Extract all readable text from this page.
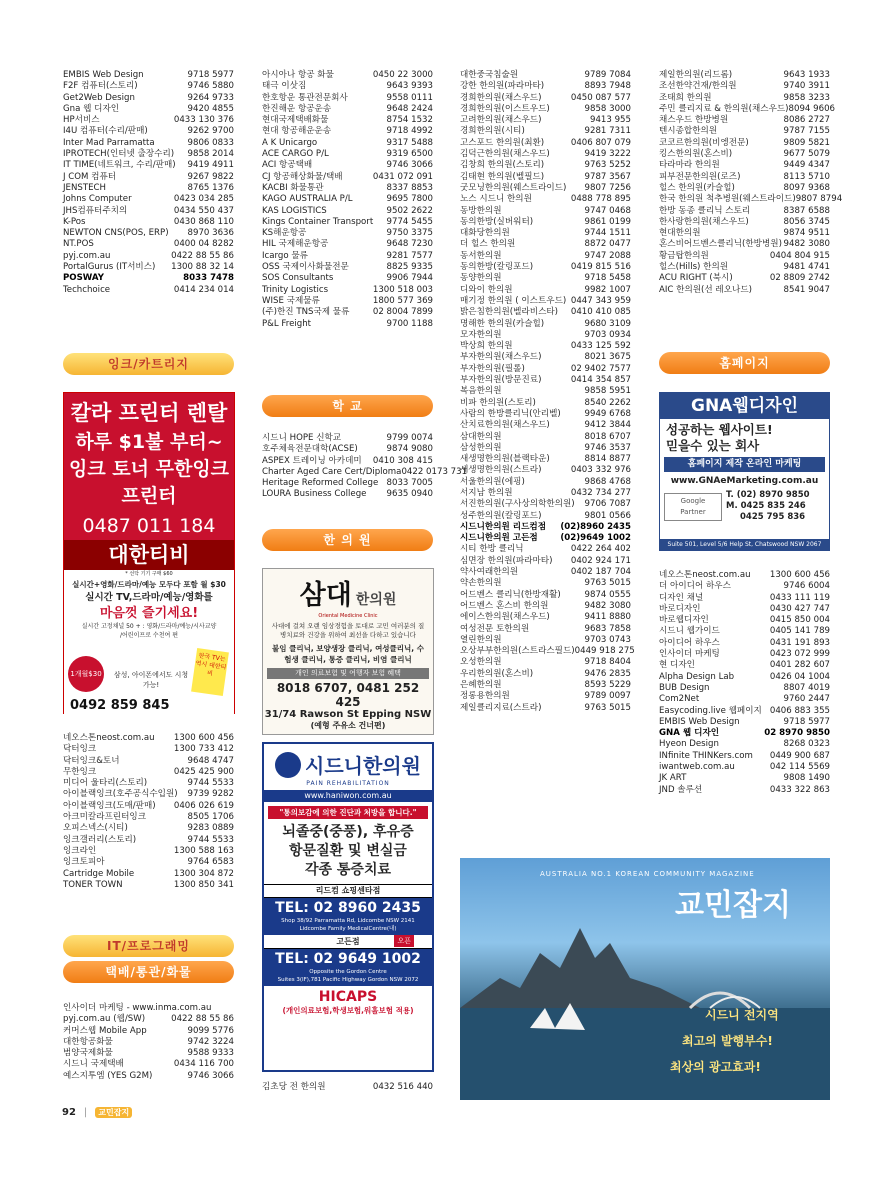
EMBIS Web Design	9718 5977
F2F 컴퓨터(스토리)	9746 5880
Get2Web Design	9264 9733
Gna 웹 디자인	9420 4855
HP서비스	0433 130 376
I4U 컴퓨터(수리/판매)	9262 9700
Inter Mad Parramatta	9806 0833
IPROTECH(인터넷 출장수리) 9858 2014
IT TIME(네트워크, 수리/판매) 9419 4911
J COM 컴퓨터	9267 9822
JENSTECH	8765 1376
Johns Computer	0423 034 285
JHS컴퓨터주치의	0434 550 437
K-Pos	0430 868 110
NEWTON CNS(POS, ERP) 8970 3636
NT.POS	0400 04 8282
pyj.com.au	0422 88 55 86
PortalGurus (IT서비스) 1300 88 32 14
POSWAY	8033 7478
Techchoice	0414 234 014
잉크/카트리지
칼라 프린터 렌탈
하루 $1불 부터~
잉크 토너 무한잉크
프린터
0487 011 184
대한티비
* 선닥 기기 구매 $60
실시간+영화/드라마/예능 모두다 포함 월 $30
실시간 TV,드라마/예능/영화를
마음껏 즐기세요!
실시간 고정채널 50 + : 영화/드라마/예능/시사교양
/어린이프로 수천여 편
1개월$30
한국 TV는 역시 대한티비
삼성, 아이폰에서도 시청 가능!
0492 859 845
네오스톤neost.com.au 1300 600 456
닥터잉크	1300 733 412
닥터잉크&토너	9648 4747
무한잉크	0425 425 900
미디어 울타리(스토리)	9744 5533
아이블랙잉크(호주공식수입원) 9739 9282
아이블랙잉크(도매/판매) 0406 026 619
아크미칼라프린터잉크	8505 1706
오피스넥스(시티)	9283 0889
잉크갤러리(스토리)	9744 5533
잉크라인	1300 588 163
잉크토피아	9764 6583
Cartridge Mobile	1300 304 872
TONER TOWN	1300 850 341
IT/프로그래밍
택배/통관/화물
인사이더 마케팅 - www.inma.com.au
pyj.com.au (웹/SW)	0422 88 55 86
커머스웹 Mobile App	9099 5776
대한항공화물	9742 3224
범양국제화물	9588 9333
시드니 국제택배	0434 116 700
예스지투엠 (YES G2M)	9746 3066
아시아나 항공 화물	0450 22 3000
태극 이삿짐	9643 9393
한호항운 통관전문회사	9558 0111
한진해운 항공운송	9648 2424
현대국제택배화물	8754 1532
현대 항공해운운송	9718 4992
A K Unicargo	9317 5488
ACE CARGO P/L	9319 6500
ACI 항공택배	9746 3066
CJ 항공해상화물/택배	0431 072 091
KACBI 화물통관	8337 8853
KAGO AUSTRALIA P/L	9695 7800
KAS LOGISTICS	9502 2622
Kings Container Transport 9774 5455
KS해운항공	9750 3375
HIL 국제해운항공	9648 7230
Icargo 물류	9281 7577
OSS 국제이사화물전문	8825 9335
SOS Consultants	9906 7944
Trinity Logistics	1300 518 003
WISE 국제물류	1800 577 369
(주)한진 TNS국제 물류	02 8004 7899
P&L Freight	9700 1188
학 교
시드니 HOPE 신학교	9799 0074
호주체육전문대학(ACSE)	9874 9080
ASPEX 트레이닝 아카데미 0410 308 415
Charter Aged Care Cert/Diploma 0422 0173 731
Heritage Reformed College 8033 7005
LOURA Business College 9635 0940
한 의 원
삼대 한의원
Oriental Medicine Clinic
사대에 걸쳐 오랜 임상경험을 토대로 고민 여러분의 질병치료와 건강을 위하여 최선을 다하고 있습니다
불임 클리닉, 보양생장 클리닉, 여성클리닉, 수험생 클리닉, 통증 클리닉, 비염 클리닉
개인 의료보험 및 여행자 보험 혜택
8018 6707, 0481 252 425
31/74 Rawson St Epping NSW
(예형 주유소 건너편)
시드니한의원
PAIN REHABILITATION
www.haniwon.com.au
"통의보감에 의한 진단과 처방을 합니다."
뇌졸중(중풍), 후유증
항문질환 및 변실금
각종 통증치료
리드컴 쇼핑센타점
TEL: 02 8960 2435
Shop 38/92 Parramatta Rd, Lidcombe NSW 2141
Lidcombe Family MedicalCentre(내)
고든점	오픈
TEL: 02 9649 1002
Opposite the Gordon Centre
Suites 3(IF),781 Pacific Highway Gordon NSW 2072
HICAPS
(개인의료보험,학생보험,워홀보험 적용)
김초당 전 한의원	0432 516 440
대한중국침술원	9789 7084
강한 한의원(파라마타)	8893 7948
경희한의원(채스우드)	0450 087 577
경희한의원(이스트우드)	9858 3000
고려한의원(채스우드)	9413 955
경희한의원(시티)	9281 7311
고스포드 한의원(최환)	0406 807 079
김덕근한의원(채스우드)	9419 3222
김창희 한의원(스토리)	9763 5252
김태현 한의원(벨필드)	9787 3567
굿모닝한의원(웨스트라이드) 9807 7256
노스 시드니 한의원	0488 778 895
동방한의원	9747 0468
동의한방(실버워터)	9861 0199
대화당한의원	9744 1511
더 힐스 한의원	8872 0477
동서한의원	9747 2088
동의한방(칼링포드)	0419 815 516
동양한의원	9718 5458
디와이 한의원	9982 1007
매기정 한의원 ( 이스트우드) 0447 343 959
밝은침한의원(벨라비스타) 0410 410 085
명해한 한의원(카슬힐)	9680 3109
모자한의원	9703 0934
박상희 한의원	0433 125 592
부자한의원(채스우드)	8021 3675
부자한의원(필롤)	02 9402 7577
부자한의원(방문진료)	0414 354 857
복음한의원	9858 5951
비파 한의원(스토리)	8540 2262
사람의 한방클리닉(안리벨)	9949 6768
산치료한의원(채스우드)	9412 3844
삼대한의원	8018 6707
삼성한의원	9746 3537
새생명한의원(블랙타운)	8814 8877
새생명한의원(스트라)	0403 332 976
서울한의원(에핑)	9868 4768
서지남 한의원	0432 734 277
서진한의원(구사상의학한의원) 9706 7087
성주한의원(칼링포드)	9801 0566
시드니한의원 리드컴점 (02)8960 2435
시드니한의원 고든점	(02)9649 1002
시티 한방 클리닉	0422 264 402
심면장 한의원(파라마타) 0402 924 171
약사여래한의원	0402 187 704
약손한의원	9763 5015
어드벤스 클리닉(한방재활)	9874 0555
어드벤스 혼스비 한의원	9482 3080
에이스한의원(채스우드)	9411 8880
여성전문 토한의원	9683 7858
열린한의원	9703 0743
오상부부한의원(스트라스필드) 0449 918 275
오성한의원	9718 8404
우리한의원(혼스비)	9476 2835
은혜한의원	8593 5229
정롱용한의원	9789 0097
제일클리지료(스트라)	9763 5015
제일한의원(리드롬)	9643 1933
조선한약건재/한의원	9740 3911
조태희 한의원	9858 3233
주민 클리지료 & 한의원(채스우드) 8094 9606
채스우드 한방병원	8086 2727
텐시종합한의원	9787 7155
코코르한의원(비엥전문)	9809 5821
킹스한의원(혼스비)	9677 5079
타라마라 한의원	9449 4347
피부전문한의원(로즈)	8113 5710
힐스 한의원(카슬힐)	8097 9368
한국 한의원 척추병원(웨스트라이드) 9807 8794
한방 동종 클리닉 스토리	8387 6588
한사랑한의원(채스우드)	8056 3745
현대한의원	9874 9511
혼스비어드벤스클리닉(한방병원) 9482 3080
황금탑한의원	0404 804 915
힐스(Hills) 한의원	9481 4741
ACU RIGHT (북시)	02 8809 2742
AIC 한의원(선 레오나드)	8541 9047
홈페이지
GNA웹디자인
성공하는 웹사이트!
믿을수 있는 회사
홈페이지 제작 온라인 마케팅
www.GNAeMarketing.com.au
Google Partner
T. (02) 8970 9850
M. 0425 835 246
0425 795 836
Suite 501, Level 5/6 Help St, Chatswood NSW 2067
네오스톤neost.com.au 1300 600 456
더 아이디어 하우스	9746 6004
디자인 채널	0433 111 119
바로디자인	0430 427 747
바로웹디자인	0415 850 004
시드니 웹가이드	0405 141 789
아이디어 하우스	0431 191 893
인사이더 마케팅	0423 072 999
현 디자인	0401 282 607
Alpha Design Lab	0426 04 1004
BUB Design	8807 4019
Com2Net	9760 2447
Easycoding.live 웹페이지 0406 883 355
EMBIS Web Design	9718 5977
GNA 웹 디자인	02 8970 9850
Hyeon Design	8268 0323
INfinite THINKers.com 0449 900 687
iwantweb.com.au	042 114 5569
JK ART	9808 1490
JND 솔루션	0433 322 863
AUSTRALIA NO.1 KOREAN COMMUNITY MAGAZINE
교민잡지
시드니 전지역
최고의 발행부수!
최상의 광고효과!
92 |	교민잡지
